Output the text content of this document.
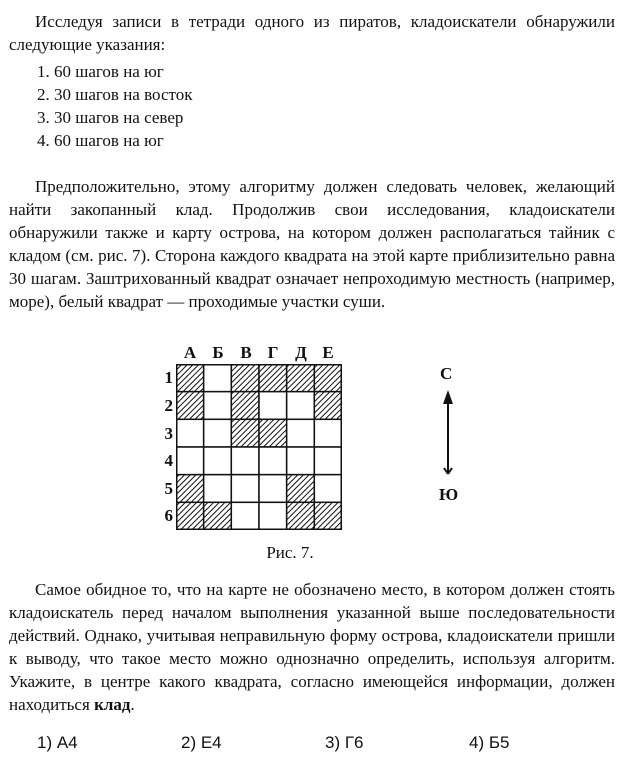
Исследуя записи в тетради одного из пиратов, кладоискатели обнаружили следующие указания:

1. 60 шагов на юг
2. 30 шагов на восток
3. 30 шагов на север
4. 60 шагов на юг

Предположительно, этому алгоритму должен следовать человек, желающий найти закопанный клад. Продолжив свои исследования, кладоискатели обнаружили также и карту острова, на котором должен располагаться тайник с кладом (см. рис. 7). Сторона каждого квадрата на этой карте приблизительно равна 30 шагам. Заштрихованный квадрат означает непроходимую местность (например, море), белый квадрат — проходимые участки суши.

А Б В Г Д Е
1
2
3
4
5
6
Рис. 7.
С
Ю

Самое обидное то, что на карте не обозначено место, в котором должен стоять кладоискатель перед началом выполнения указанной выше последовательности действий. Однако, учитывая неправильную форму острова, кладоискатели пришли к выводу, что такое место можно однозначно определить, используя алгоритм. Укажите, в центре какого квадрата, согласно имеющейся информации, должен находиться клад.

1) А4	2) Е4	3) Г6	4) Б5
